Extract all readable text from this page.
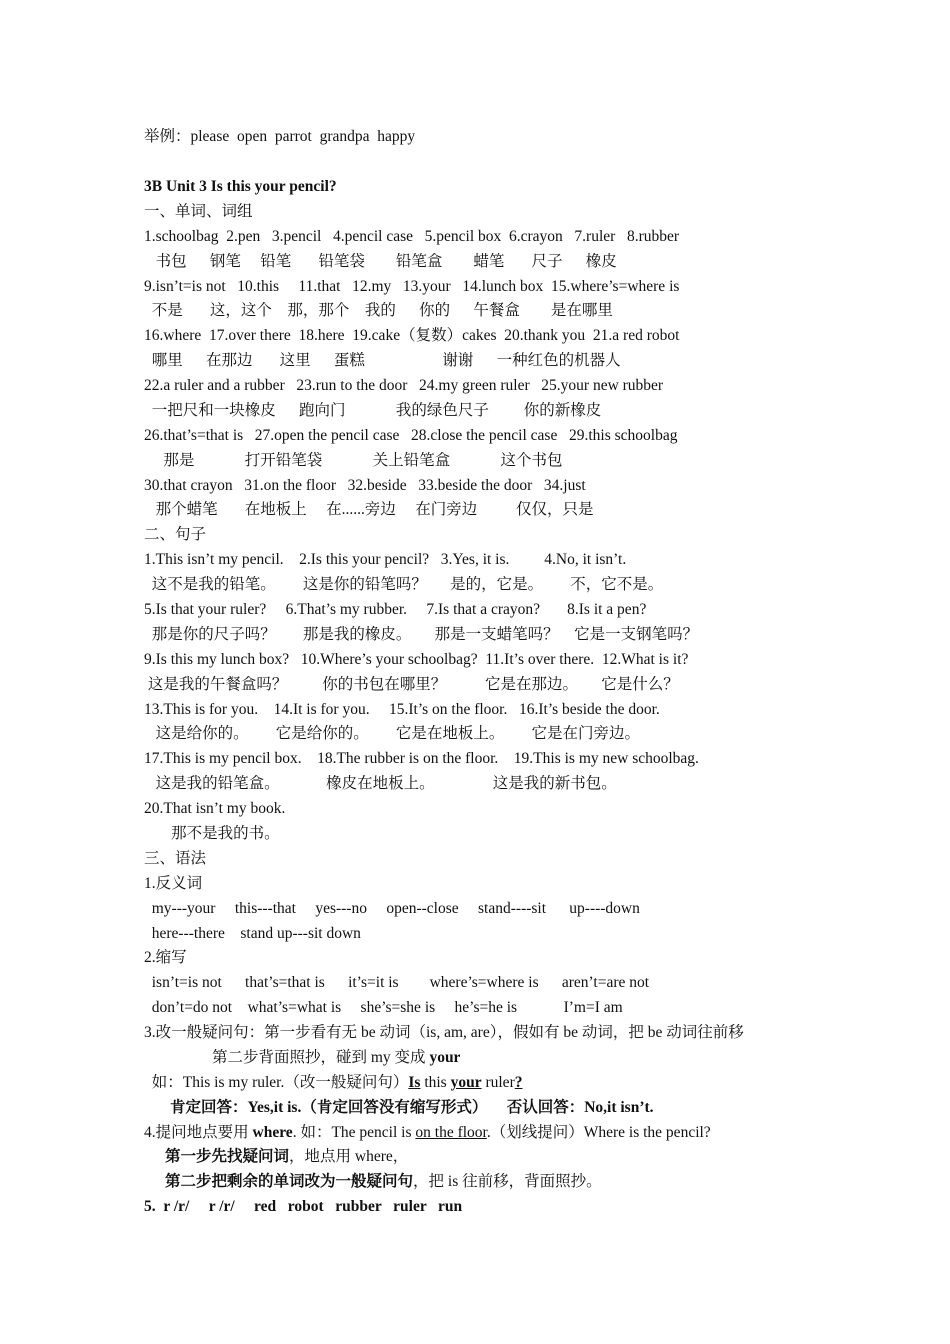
举例：please  open  parrot  grandpa  happy

3B Unit 3 Is this your pencil?

一、单词、词组

1.schoolbag  2.pen   3.pencil   4.pencil case   5.pencil box  6.crayon   7.ruler   8.rubber

书包      钢笔     铅笔       铅笔袋        铅笔盒        蜡笔       尺子      橡皮

9.isn’t=is not   10.this     11.that   12.my   13.your   14.lunch box  15.where’s=where is

不是       这，这个    那，那个    我的      你的      午餐盒        是在哪里

16.where  17.over there  18.here  19.cake（复数）cakes  20.thank you  21.a red robot

哪里      在那边       这里      蛋糕                    谢谢      一种红色的机器人

22.a ruler and a rubber   23.run to the door   24.my green ruler   25.your new rubber

一把尺和一块橡皮      跑向门             我的绿色尺子         你的新橡皮

26.that’s=that is   27.open the pencil case   28.close the pencil case   29.this schoolbag

那是             打开铅笔袋             关上铅笔盒             这个书包

30.that crayon   31.on the floor   32.beside   33.beside the door   34.just

那个蜡笔       在地板上     在......旁边     在门旁边          仅仅，只是

二、句子

1.This isn’t my pencil.    2.Is this your pencil?   3.Yes, it is.         4.No, it isn’t.

这不是我的铅笔。       这是你的铅笔吗？      是的，它是。       不，它不是。

5.Is that your ruler?     6.That’s my rubber.     7.Is that a crayon?       8.Is it a pen?

那是你的尺子吗？       那是我的橡皮。      那是一支蜡笔吗？    它是一支钢笔吗？

9.Is this my lunch box?   10.Where’s your schoolbag?  11.It’s over there.  12.What is it?

这是我的午餐盒吗？         你的书包在哪里？          它是在那边。      它是什么？

13.This is for you.    14.It is for you.     15.It’s on the floor.   16.It’s beside the door.

这是给你的。       它是给你的。       它是在地板上。       它是在门旁边。

17.This is my pencil box.    18.The rubber is on the floor.    19.This is my new schoolbag.

这是我的铅笔盒。            橡皮在地板上。               这是我的新书包。

20.That isn’t my book.

那不是我的书。

三、语法

1.反义词

my---your     this---that     yes---no     open--close     stand----sit      up----down

here---there    stand up---sit down

2.缩写

isn’t=is not      that’s=that is      it’s=it is        where’s=where is      aren’t=are not

don’t=do not    what’s=what is     she’s=she is     he’s=he is            I’m=I am

3.改一般疑问句：第一步看有无 be 动词（is, am, are），假如有 be 动词，把 be 动词往前移

第二步背面照抄，碰到 my 变成 your

如：This is my ruler.（改一般疑问句）Is this your ruler?

肯定回答：Yes,it is.（肯定回答没有缩写形式）     否认回答：No,it isn’t.

4.提问地点要用 where. 如：The pencil is on the floor.（划线提问）Where is the pencil?

第一步先找疑问词，地点用 where，

第二步把剩余的单词改为一般疑问句，把 is 往前移，背面照抄。

5.  r /r/     r /r/     red   robot   rubber   ruler   run
